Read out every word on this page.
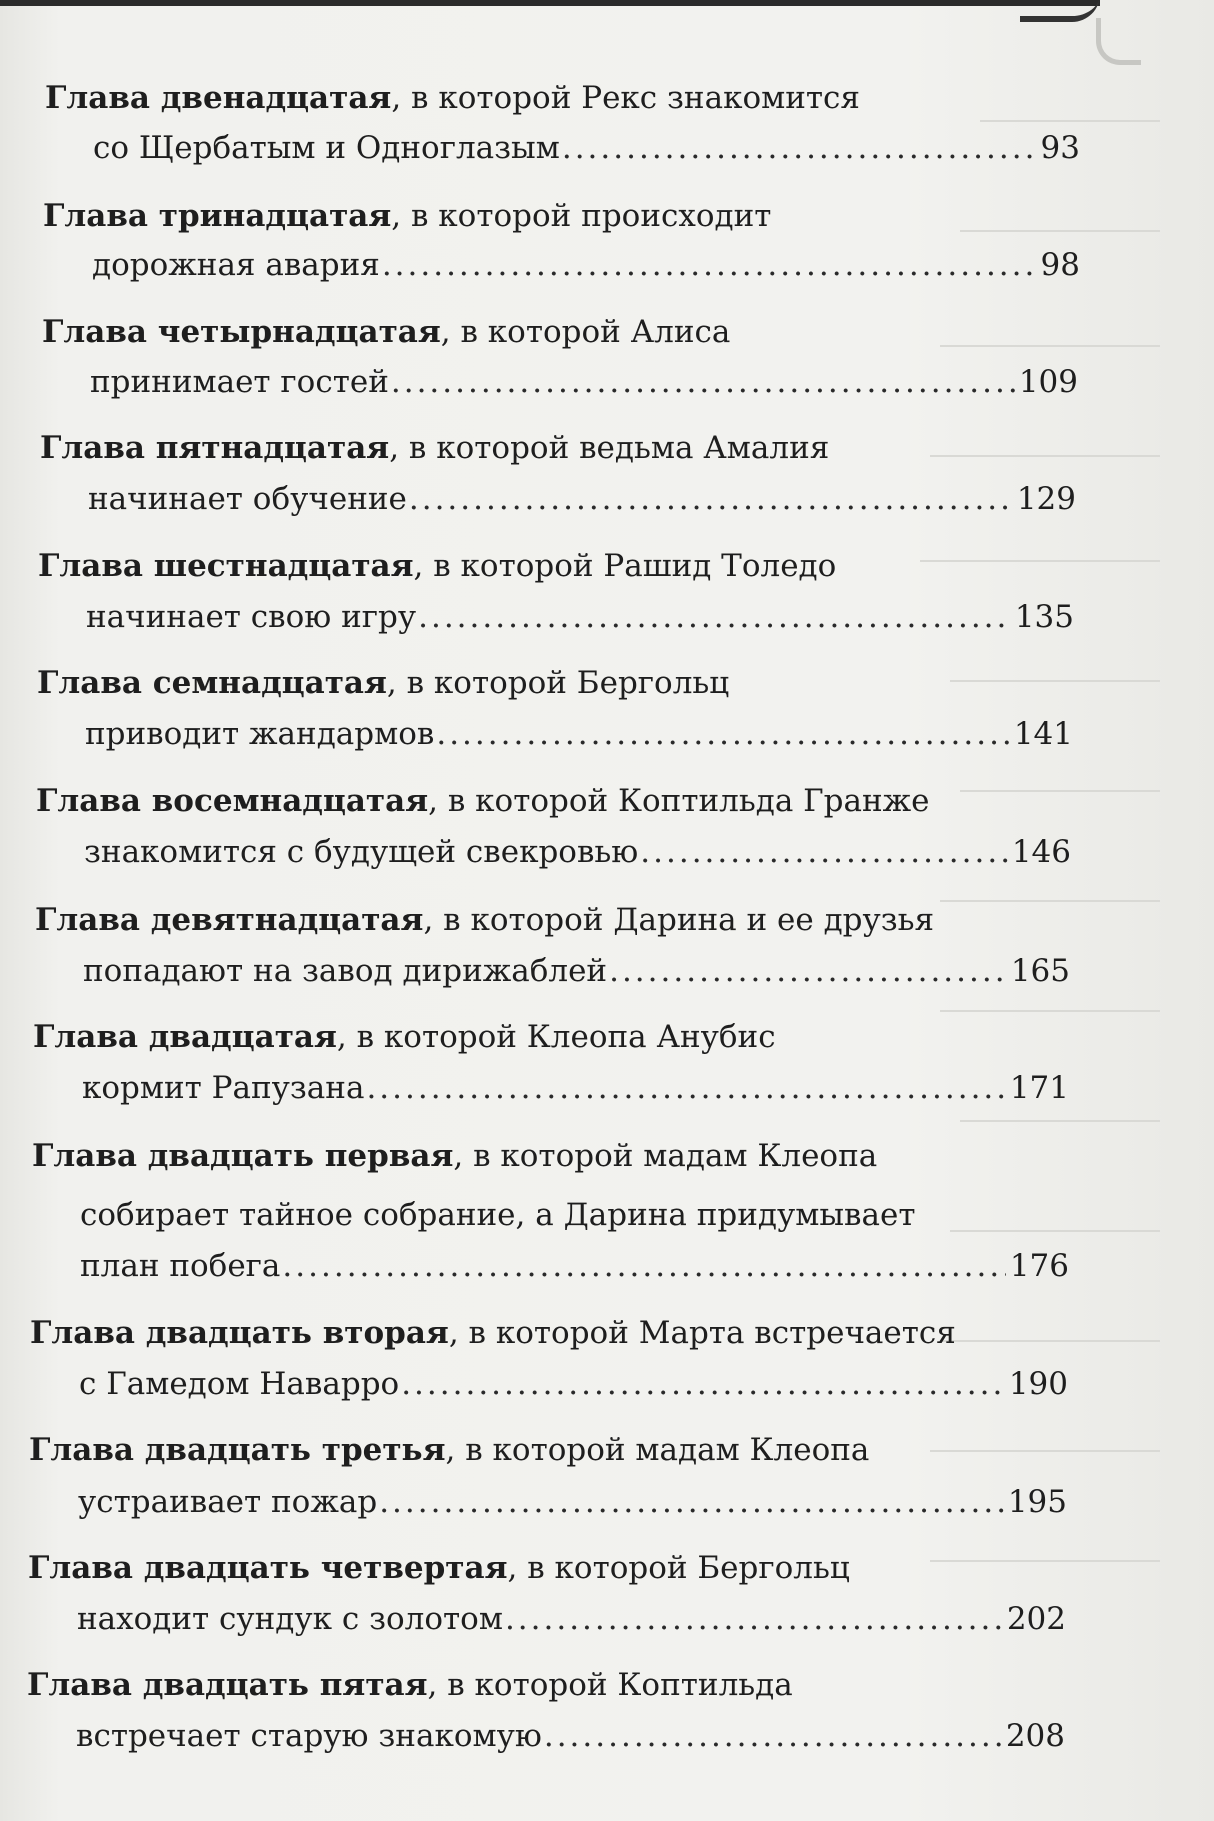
Глава двенадцатая, в которой Рекс знакомится
со Щербатым и Одноглазым .....	93
Глава тринадцатая, в которой происходит
дорожная авария .....	98
Глава четырнадцатая, в которой Алиса
принимает гостей .....	109
Глава пятнадцатая, в которой ведьма Амалия
начинает обучение .....	129
Глава шестнадцатая, в которой Рашид Толедо
начинает свою игру .....	135
Глава семнадцатая, в которой Бергольц
приводит жандармов .....	141
Глава восемнадцатая, в которой Коптильда Гранже
знакомится с будущей свекровью .....	146
Глава девятнадцатая, в которой Дарина и ее друзья
попадают на завод дирижаблей .....	165
Глава двадцатая, в которой Клеопа Анубис
кормит Рапузана .....	171
Глава двадцать первая, в которой мадам Клеопа
собирает тайное собрание, а Дарина придумывает
план побега .....	176
Глава двадцать вторая, в которой Марта встречается
с Гамедом Наварро .....	190
Глава двадцать третья, в которой мадам Клеопа
устраивает пожар .....	195
Глава двадцать четвертая, в которой Бергольц
находит сундук с золотом .....	202
Глава двадцать пятая, в которой Коптильда
встречает старую знакомую .....	208
